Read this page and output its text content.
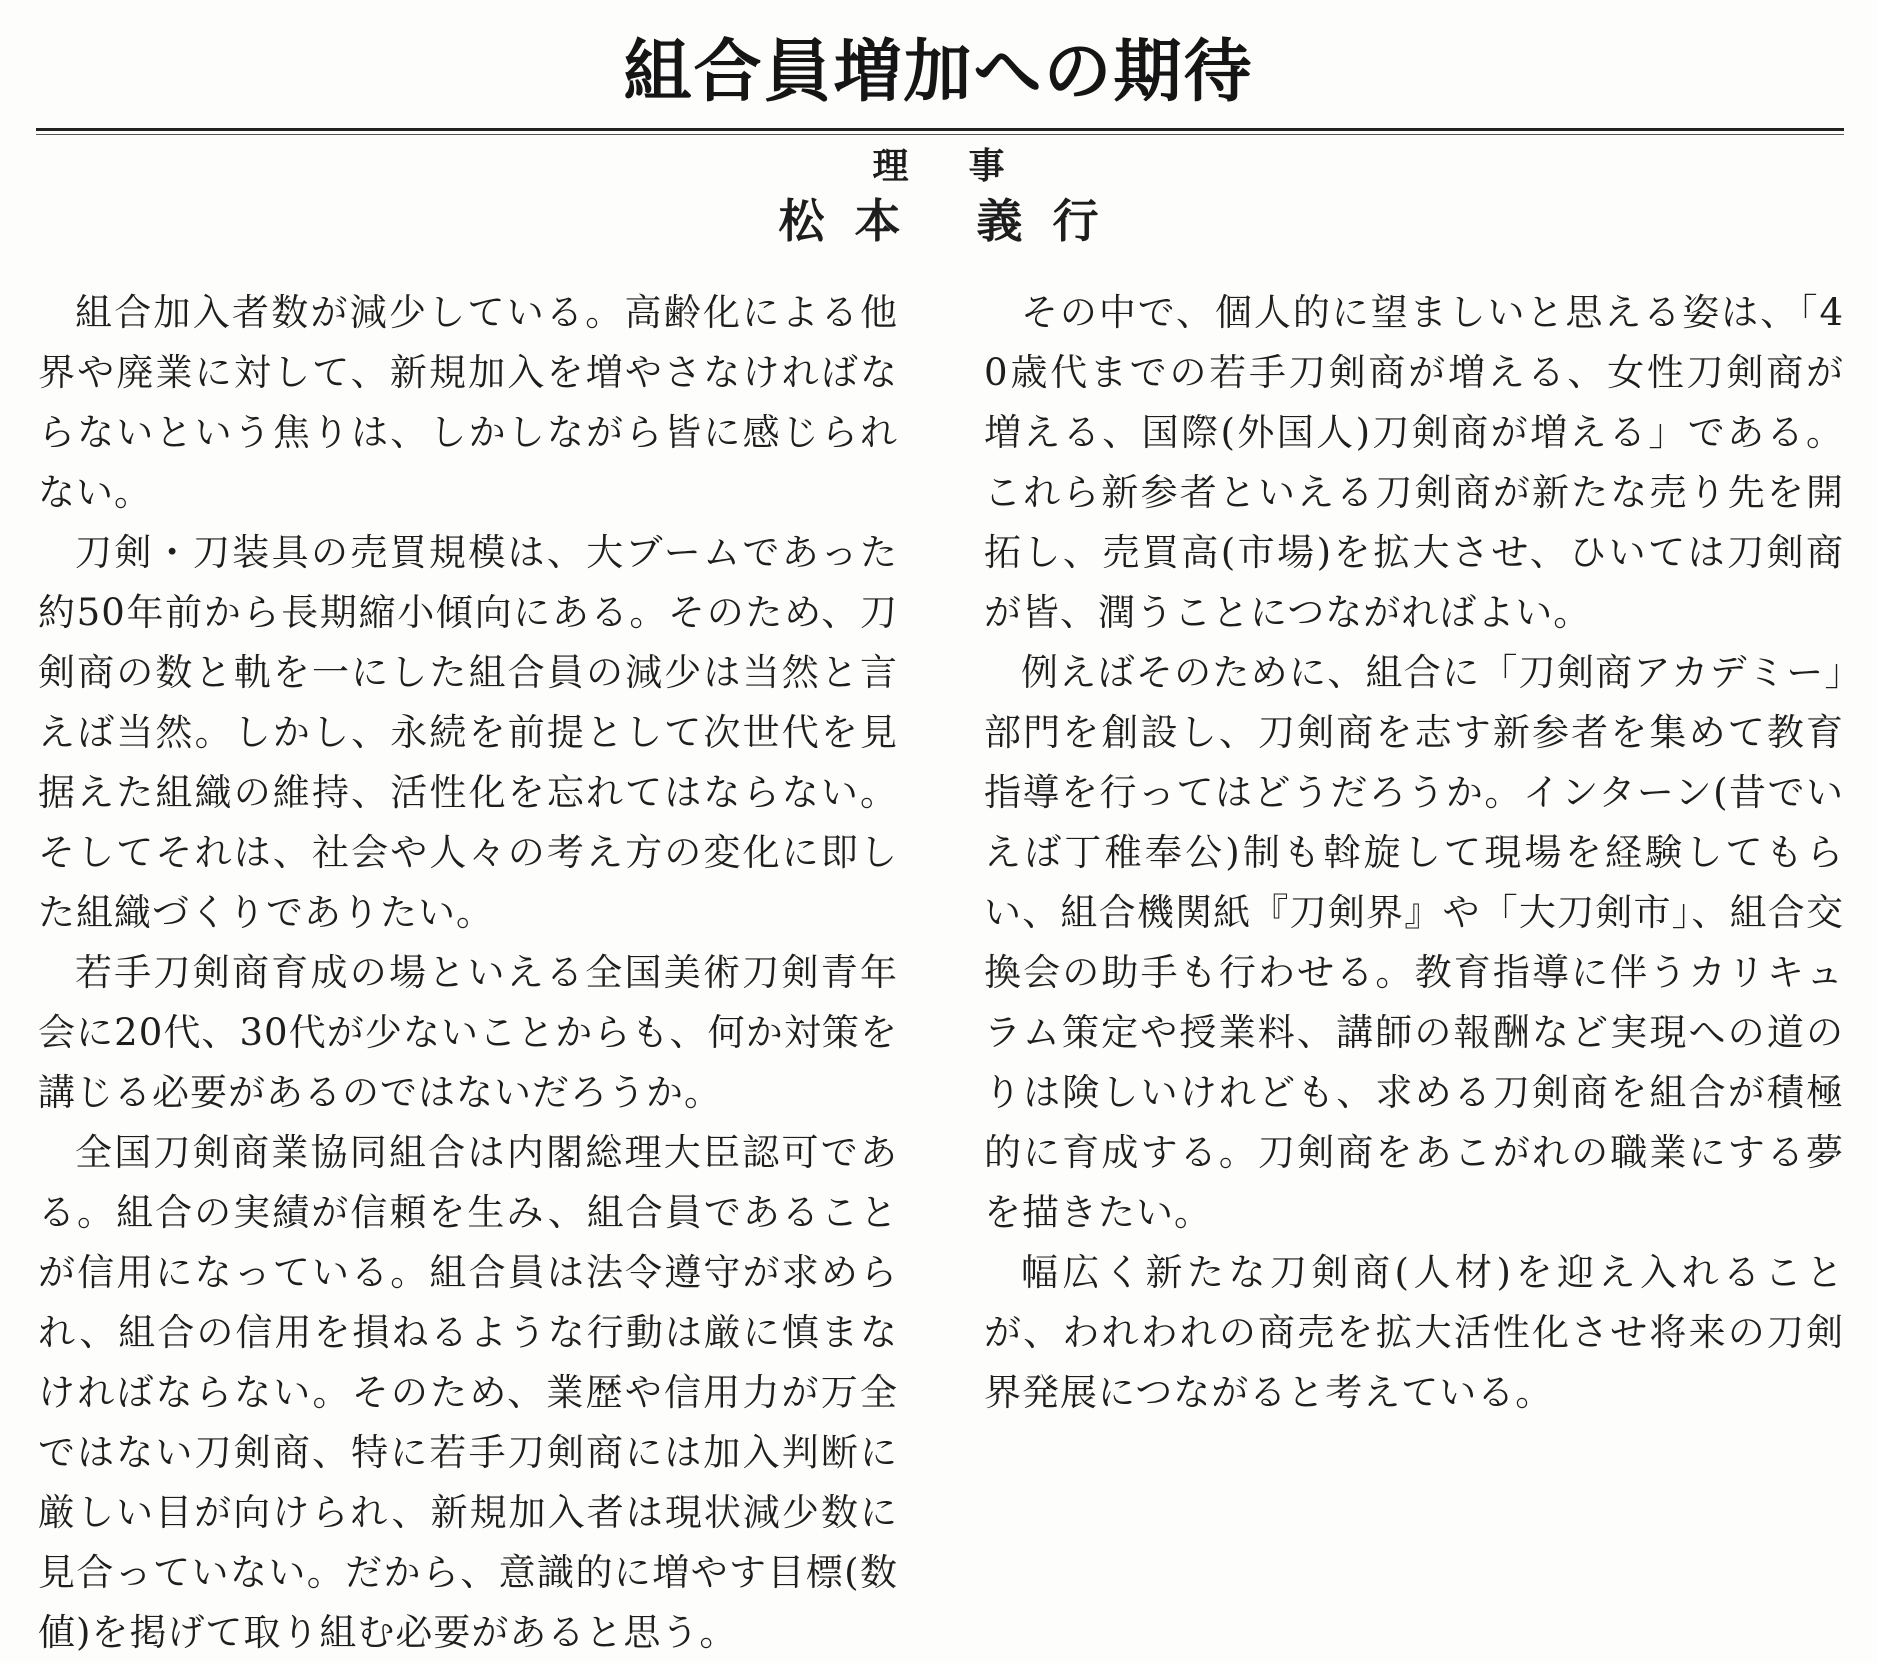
組合員増加への期待
理事
松本 義行

組合加入者数が減少している。高齢化による他界や廃業に対して、新規加入を増やさなければならないという焦りは、しかしながら皆に感じられない。

刀剣・刀装具の売買規模は、大ブームであった約50年前から長期縮小傾向にある。そのため、刀剣商の数と軌を一にした組合員の減少は当然と言えば当然。しかし、永続を前提として次世代を見据えた組織の維持、活性化を忘れてはならない。そしてそれは、社会や人々の考え方の変化に即した組織づくりでありたい。

若手刀剣商育成の場といえる全国美術刀剣青年会に20代、30代が少ないことからも、何か対策を講じる必要があるのではないだろうか。

全国刀剣商業協同組合は内閣総理大臣認可である。組合の実績が信頼を生み、組合員であることが信用になっている。組合員は法令遵守が求められ、組合の信用を損ねるような行動は厳に慎まなければならない。そのため、業歴や信用力が万全ではない刀剣商、特に若手刀剣商には加入判断に厳しい目が向けられ、新規加入者は現状減少数に見合っていない。だから、意識的に増やす目標(数値)を掲げて取り組む必要があると思う。

その中で、個人的に望ましいと思える姿は、「40歳代までの若手刀剣商が増える、女性刀剣商が増える、国際(外国人)刀剣商が増える」である。これら新参者といえる刀剣商が新たな売り先を開拓し、売買高(市場)を拡大させ、ひいては刀剣商が皆、潤うことにつながればよい。

例えばそのために、組合に「刀剣商アカデミー」部門を創設し、刀剣商を志す新参者を集めて教育指導を行ってはどうだろうか。インターン(昔でいえば丁稚奉公)制も斡旋して現場を経験してもらい、組合機関紙『刀剣界』や「大刀剣市」、組合交換会の助手も行わせる。教育指導に伴うカリキュラム策定や授業料、講師の報酬など実現への道のりは険しいけれども、求める刀剣商を組合が積極的に育成する。刀剣商をあこがれの職業にする夢を描きたい。

幅広く新たな刀剣商(人材)を迎え入れることが、われわれの商売を拡大活性化させ将来の刀剣界発展につながると考えている。
